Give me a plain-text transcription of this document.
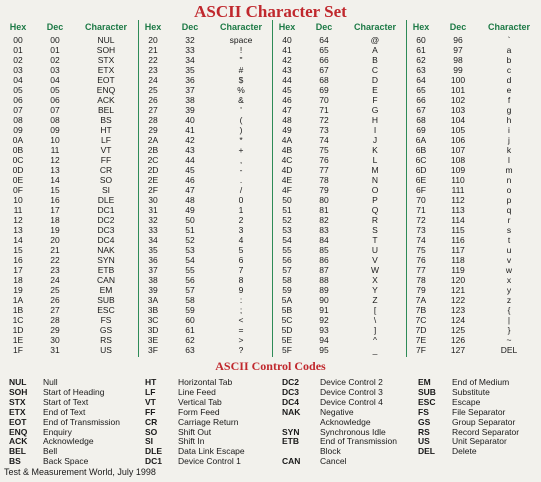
ASCII Character Set
Hex	Dec	Character
00	00	NUL
01	01	SOH
02	02	STX
03	03	ETX
04	04	EOT
05	05	ENQ
06	06	ACK
07	07	BEL
08	08	BS
09	09	HT
0A	10	LF
0B	11	VT
0C	12	FF
0D	13	CR
0E	14	SO
0F	15	SI
10	16	DLE
11	17	DC1
12	18	DC2
13	19	DC3
14	20	DC4
15	21	NAK
16	22	SYN
17	23	ETB
18	24	CAN
19	25	EM
1A	26	SUB
1B	27	ESC
1C	28	FS
1D	29	GS
1E	30	RS
1F	31	US
Hex	Dec	Character
20	32	space
21	33	!
22	34	"
23	35	#
24	36	$
25	37	%
26	38	&
27	39	'
28	40	(
29	41	)
2A	42	*
2B	43	+
2C	44	,
2D	45	-
2E	46	.
2F	47	/
30	48	0
31	49	1
32	50	2
33	51	3
34	52	4
35	53	5
36	54	6
37	55	7
38	56	8
39	57	9
3A	58	:
3B	59	;
3C	60	<
3D	61	=
3E	62	>
3F	63	?
Hex	Dec	Character
40	64	@
41	65	A
42	66	B
43	67	C
44	68	D
45	69	E
46	70	F
47	71	G
48	72	H
49	73	I
4A	74	J
4B	75	K
4C	76	L
4D	77	M
4E	78	N
4F	79	O
50	80	P
51	81	Q
52	82	R
53	83	S
54	84	T
55	85	U
56	86	V
57	87	W
58	88	X
59	89	Y
5A	90	Z
5B	91	[
5C	92	\
5D	93	]
5E	94	^
5F	95	_
Hex	Dec	Character
60	96	`
61	97	a
62	98	b
63	99	c
64	100	d
65	101	e
66	102	f
67	103	g
68	104	h
69	105	i
6A	106	j
6B	107	k
6C	108	l
6D	109	m
6E	110	n
6F	111	o
70	112	p
71	113	q
72	114	r
73	115	s
74	116	t
75	117	u
76	118	v
77	119	w
78	120	x
79	121	y
7A	122	z
7B	123	{
7C	124	|
7D	125	}
7E	126	~
7F	127	DEL
ASCII Control Codes
NUL Null
SOH Start of Heading
STX Start of Text
ETX End of Text
EOT End of Transmission
ENQ Enquiry
ACK Acknowledge
BEL Bell
BS	Back Space
HT	Horizontal Tab
LF	Line Feed
VT	Vertical Tab
FF	Form Feed
CR Carriage Return
SO Shift Out
SI	Shift In
DLE Data Link Escape
DC1 Device Control 1
DC2 Device Control 2
DC3 Device Control 3
DC4 Device Control 4
NAK Negative
Acknowledge
SYN Synchronous Idle
ETB End of Transmission
Block
CAN Cancel
EM	End of Medium
SUB Substitute
ESC Escape
FS	File Separator
GS	Group Separator
RS	Record Separator
US	Unit Separator
DEL Delete
Test & Measurement World, July 1998
